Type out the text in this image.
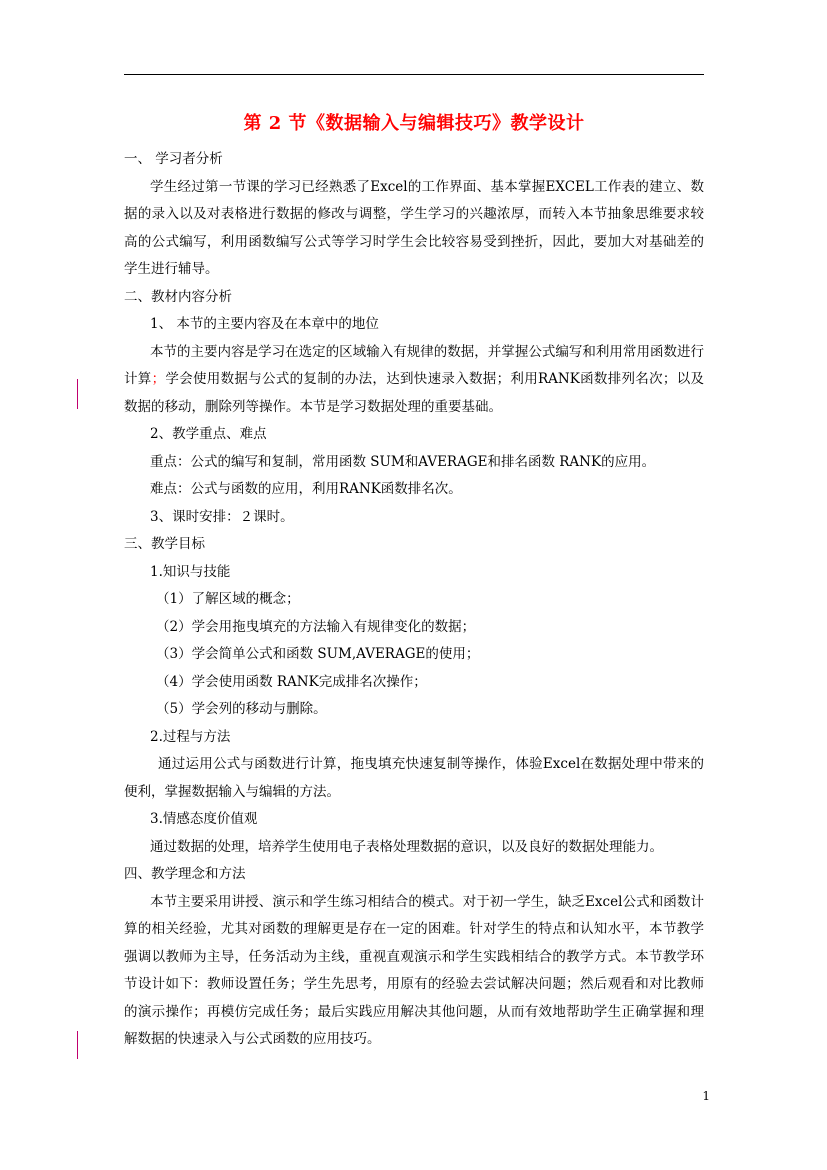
第 2 节《数据输入与编辑技巧》教学设计

一、 学习者分析

学生经过第一节课的学习已经熟悉了Excel的工作界面、基本掌握EXCEL工作表的建立、数据的录入以及对表格进行数据的修改与调整，学生学习的兴趣浓厚，而转入本节抽象思维要求较高的公式编写，利用函数编写公式等学习时学生会比较容易受到挫折，因此，要加大对基础差的学生进行辅导。

二、教材内容分析

1、 本节的主要内容及在本章中的地位

本节的主要内容是学习在选定的区域输入有规律的数据，并掌握公式编写和利用常用函数进行计算；学会使用数据与公式的复制的办法，达到快速录入数据；利用RANK函数排列名次；以及数据的移动，删除列等操作。本节是学习数据处理的重要基础。

2、教学重点、难点

重点：公式的编写和复制，常用函数 SUM和AVERAGE和排名函数 RANK的应用。

难点：公式与函数的应用，利用RANK函数排名次。

3、课时安排：２课时。

三、教学目标

1.知识与技能

（1）了解区域的概念；

（2）学会用拖曳填充的方法输入有规律变化的数据；

（3）学会简单公式和函数 SUM,AVERAGE的使用；

（4）学会使用函数 RANK完成排名次操作；

（5）学会列的移动与删除。

2.过程与方法

通过运用公式与函数进行计算，拖曳填充快速复制等操作，体验Excel在数据处理中带来的便利，掌握数据输入与编辑的方法。

3.情感态度价值观

通过数据的处理，培养学生使用电子表格处理数据的意识，以及良好的数据处理能力。

四、教学理念和方法

本节主要采用讲授、演示和学生练习相结合的模式。对于初一学生，缺乏Excel公式和函数计算的相关经验，尤其对函数的理解更是存在一定的困难。针对学生的特点和认知水平，本节教学强调以教师为主导，任务活动为主线，重视直观演示和学生实践相结合的教学方式。本节教学环节设计如下：教师设置任务；学生先思考，用原有的经验去尝试解决问题；然后观看和对比教师的演示操作；再模仿完成任务；最后实践应用解决其他问题，从而有效地帮助学生正确掌握和理解数据的快速录入与公式函数的应用技巧。

1
